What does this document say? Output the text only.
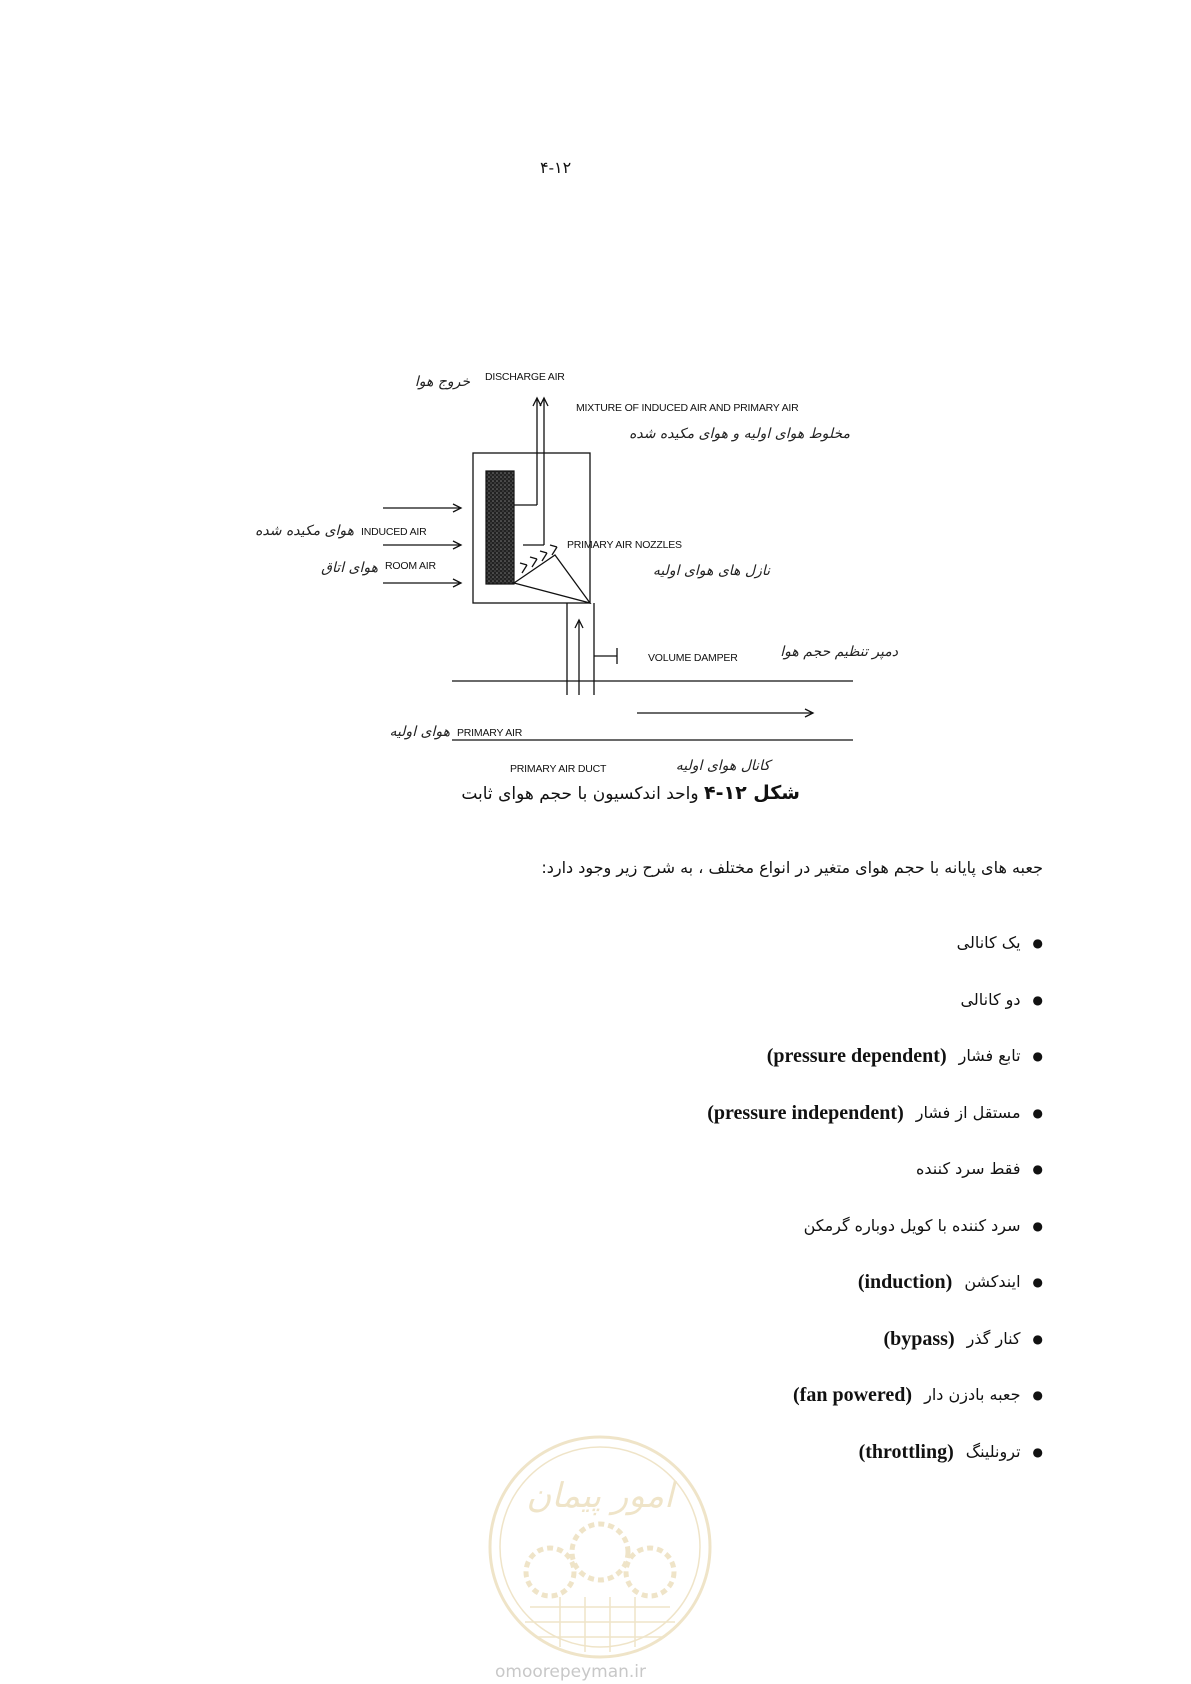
۴-۱۲
DISCHARGE AIR
خروج هوا
MIXTURE OF INDUCED AIR AND PRIMARY AIR
مخلوط هوای اولیه و هوای مکیده شده
INDUCED AIR
هوای مکیده شده
ROOM AIR
هوای اتاق
PRIMARY AIR NOZZLES
نازل های هوای اولیه
VOLUME DAMPER	دمپر تنظیم حجم هوا
PRIMARY AIR
هوای اولیه
PRIMARY AIR DUCT	کانال هوای اولیه
شکل ۱۲-۴ واحد اندکسیون با حجم هوای ثابت
جعبه های پایانه با حجم هوای متغیر در انواع مختلف ، به شرح زیر وجود دارد:
●
یک کانالی
●
دو کانالی
●
تابع فشار
(pressure dependent)
●
مستقل از فشار
(pressure independent)
●
فقط سرد کننده
●
سرد کننده با کویل دوباره گرمکن
●
ایندکشن
(induction)
●
کنار گذر
(bypass)
●
جعبه بادزن دار
(fan powered)
●
ترونلینگ
(throttling)
امور پیمان
omoorepeyman.ir
